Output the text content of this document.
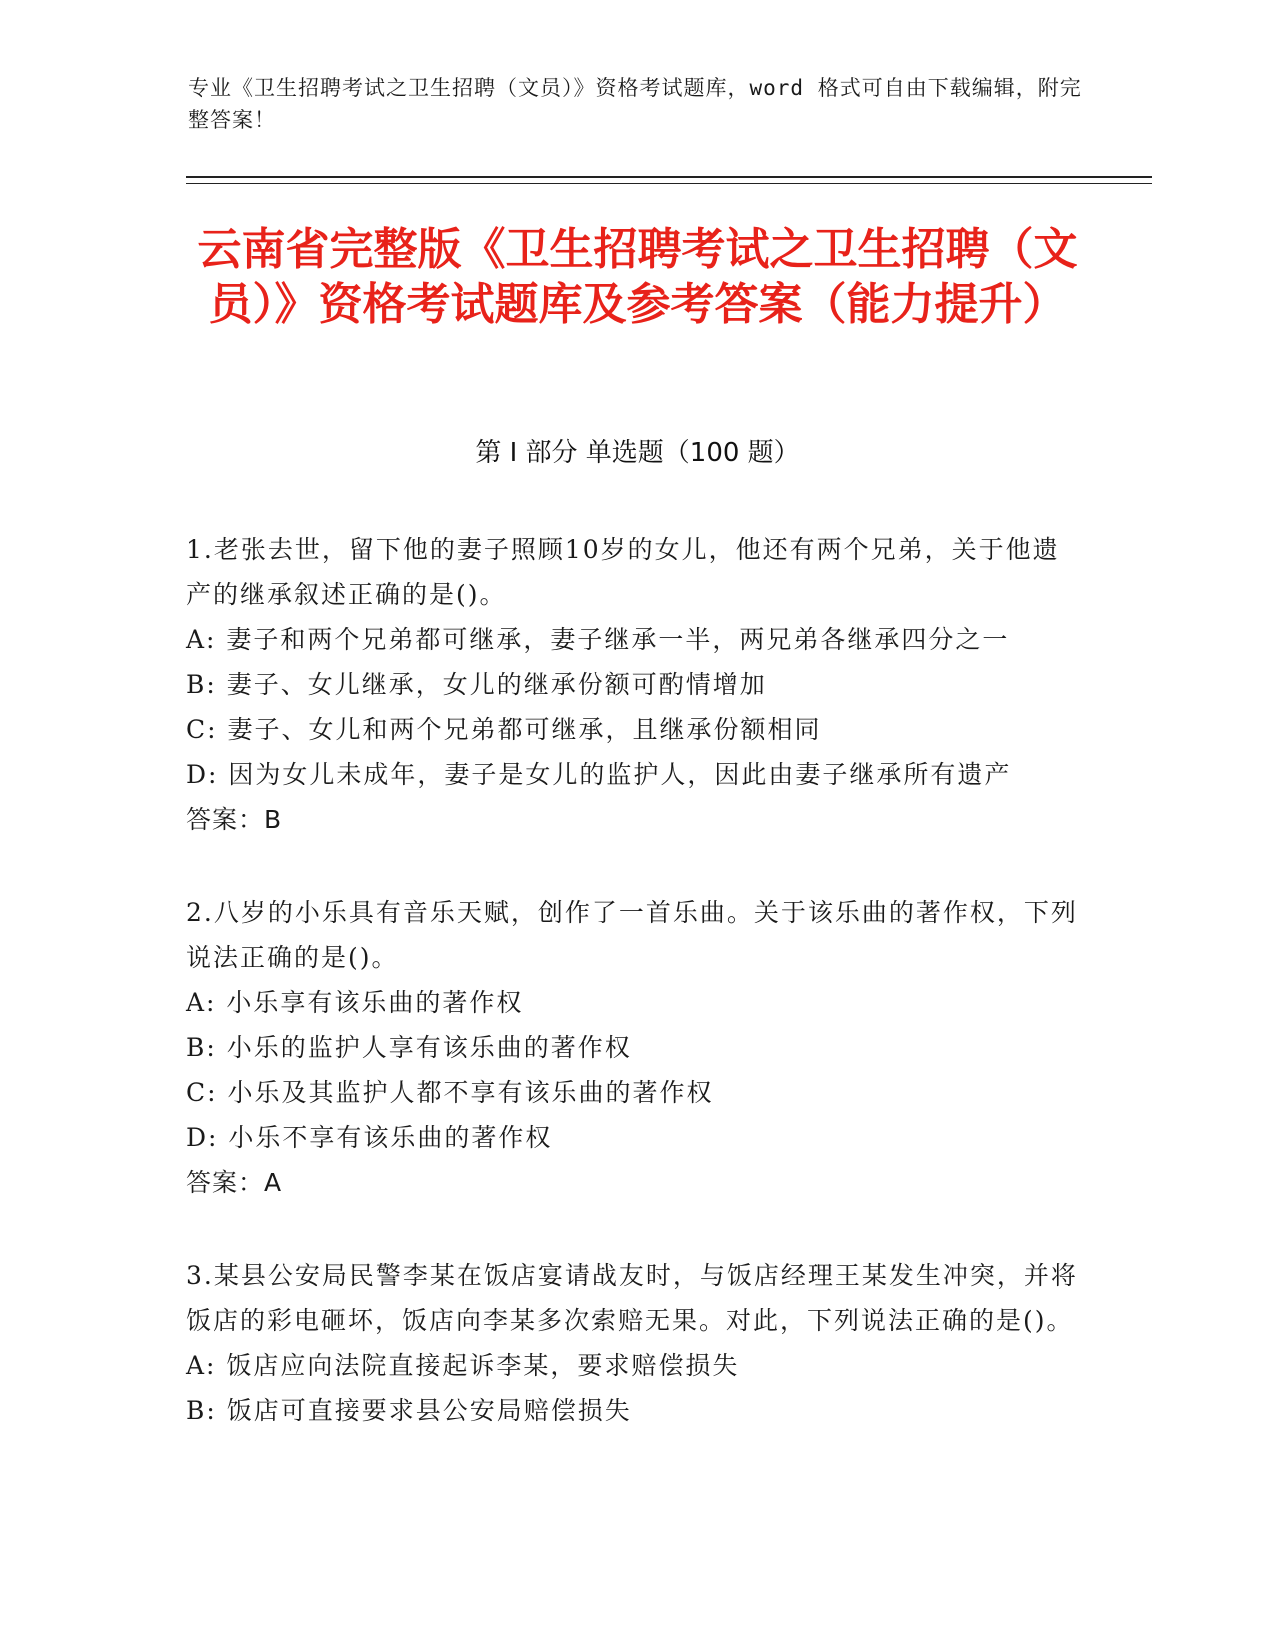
专业《卫生招聘考试之卫生招聘（文员）》资格考试题库，word 格式可自由下载编辑，附完整答案！
云南省完整版《卫生招聘考试之卫生招聘（文员）》资格考试题库及参考答案（能力提升）
第 I 部分 单选题（100 题）

1.老张去世，留下他的妻子照顾10岁的女儿，他还有两个兄弟，关于他遗产的继承叙述正确的是()。

A: 妻子和两个兄弟都可继承，妻子继承一半，两兄弟各继承四分之一

B: 妻子、女儿继承，女儿的继承份额可酌情增加

C: 妻子、女儿和两个兄弟都可继承，且继承份额相同

D: 因为女儿未成年，妻子是女儿的监护人，因此由妻子继承所有遗产

答案：B

2.八岁的小乐具有音乐天赋，创作了一首乐曲。关于该乐曲的著作权，下列说法正确的是()。

A: 小乐享有该乐曲的著作权

B: 小乐的监护人享有该乐曲的著作权

C: 小乐及其监护人都不享有该乐曲的著作权

D: 小乐不享有该乐曲的著作权

答案：A

3.某县公安局民警李某在饭店宴请战友时，与饭店经理王某发生冲突，并将饭店的彩电砸坏，饭店向李某多次索赔无果。对此，下列说法正确的是()。

A: 饭店应向法院直接起诉李某，要求赔偿损失

B: 饭店可直接要求县公安局赔偿损失
